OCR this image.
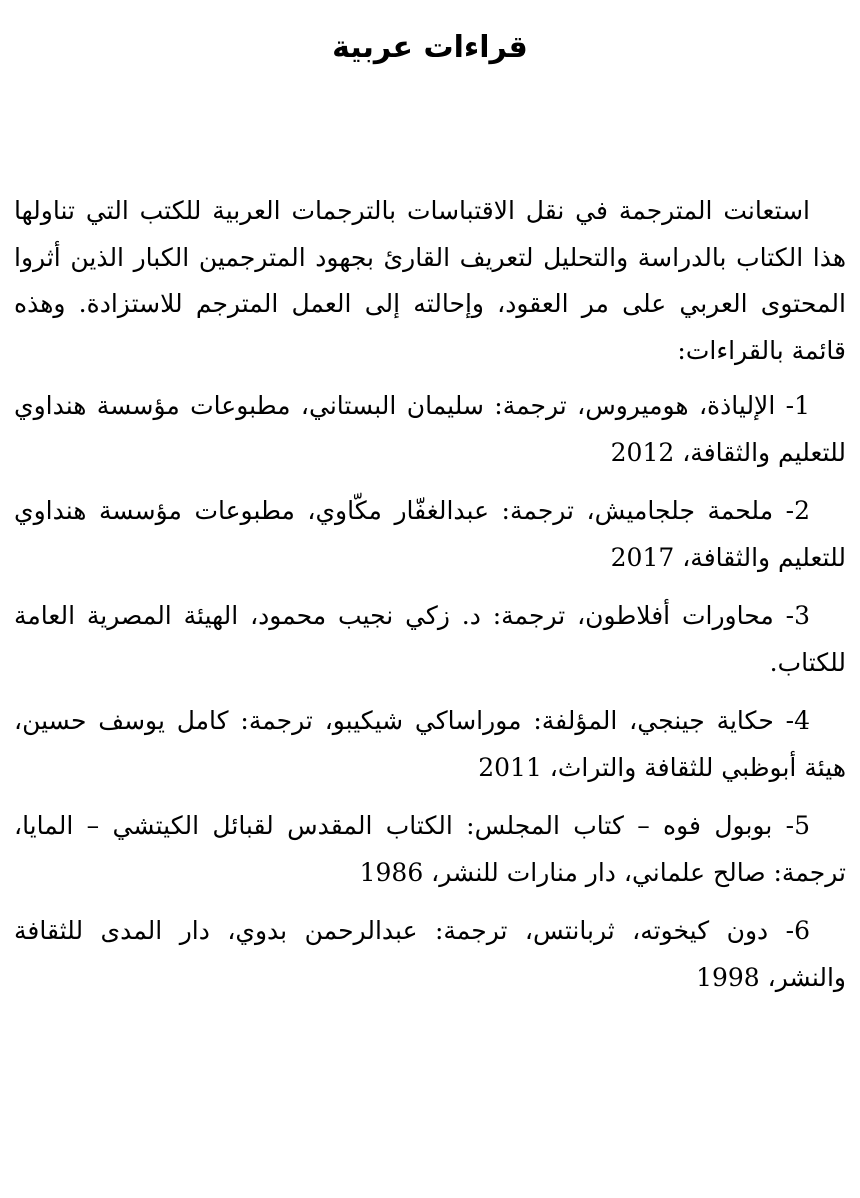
قراءات عربية

استعانت المترجمة في نقل الاقتباسات بالترجمات العربية للكتب التي تناولها هذا الكتاب بالدراسة والتحليل لتعريف القارئ بجهود المترجمين الكبار الذين أثروا المحتوى العربي على مر العقود، وإحالته إلى العمل المترجم للاستزادة. وهذه قائمة بالقراءات:

1- الإلياذة، هوميروس، ترجمة: سليمان البستاني، مطبوعات مؤسسة هنداوي للتعليم والثقافة، 2012

2- ملحمة جلجاميش، ترجمة: عبدالغفّار مكّاوي، مطبوعات مؤسسة هنداوي للتعليم والثقافة، 2017

3- محاورات أفلاطون، ترجمة: د. زكي نجيب محمود، الهيئة المصرية العامة للكتاب.

4- حكاية جينجي، المؤلفة: موراساكي شيكيبو، ترجمة: كامل يوسف حسين، هيئة أبوظبي للثقافة والتراث، 2011

5- بوبول فوه – كتاب المجلس: الكتاب المقدس لقبائل الكيتشي – المايا، ترجمة: صالح علماني، دار منارات للنشر، 1986

6- دون كيخوته، ثربانتس، ترجمة: عبدالرحمن بدوي، دار المدى للثقافة والنشر، 1998
